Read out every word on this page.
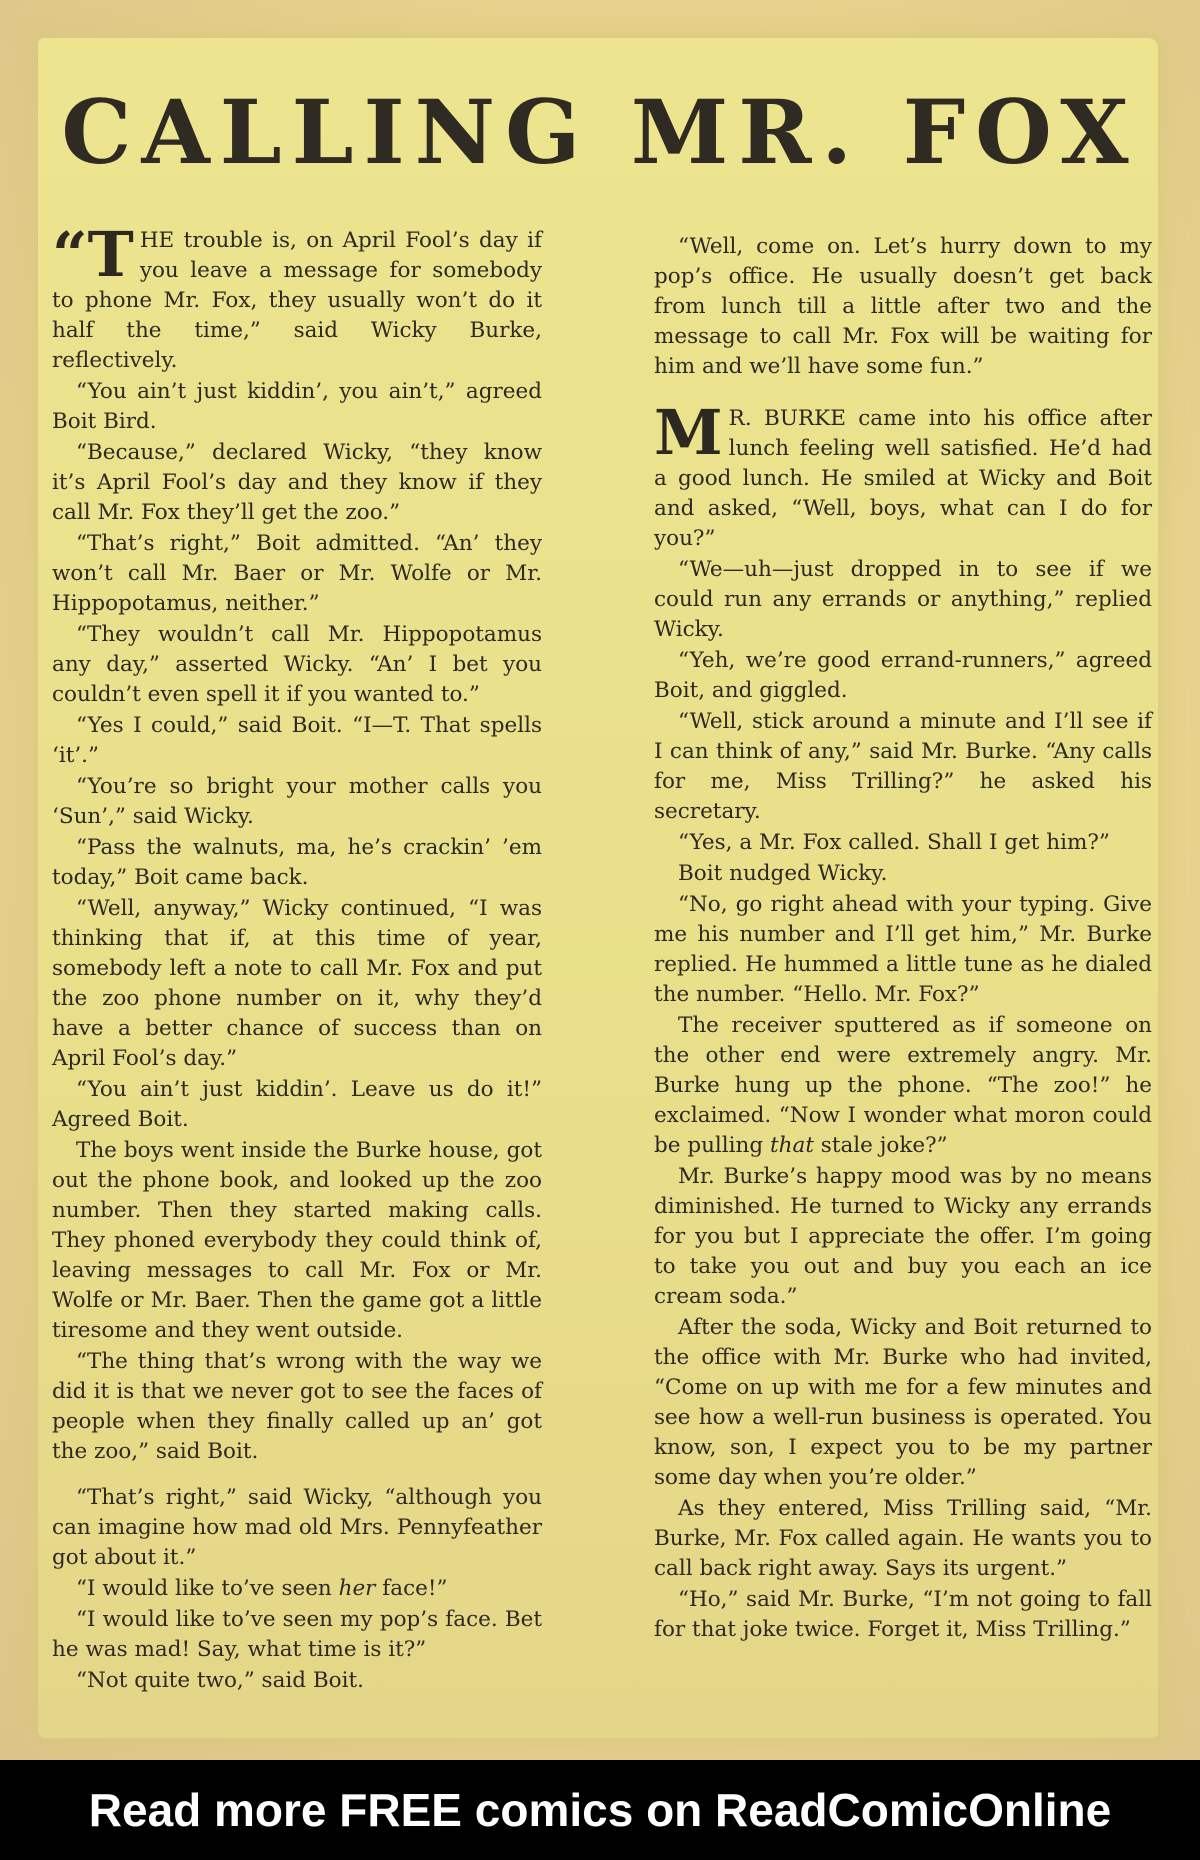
CALLING MR. FOX

“T HE trouble is, on April Fool’s day if you leave a message for somebody to phone Mr. Fox, they usually won’t do it half the time,” said Wicky Burke, reflectively.

“You ain’t just kiddin’, you ain’t,” agreed Boit Bird.

“Because,” declared Wicky, “they know it’s April Fool’s day and they know if they call Mr. Fox they’ll get the zoo.”

“That’s right,” Boit admitted. “An’ they won’t call Mr. Baer or Mr. Wolfe or Mr. Hippopotamus, neither.”

“They wouldn’t call Mr. Hippopotamus any day,” asserted Wicky. “An’ I bet you couldn’t even spell it if you wanted to.”

“Yes I could,” said Boit. “I—T. That spells ‘it’.”

“You’re so bright your mother calls you ‘Sun’,” said Wicky.

“Pass the walnuts, ma, he’s crackin’ ’em today,” Boit came back.

“Well, anyway,” Wicky continued, “I was thinking that if, at this time of year, somebody left a note to call Mr. Fox and put the zoo phone number on it, why they’d have a better chance of success than on April Fool’s day.”

“You ain’t just kiddin’. Leave us do it!” Agreed Boit.

The boys went inside the Burke house, got out the phone book, and looked up the zoo number. Then they started making calls. They phoned everybody they could think of, leaving messages to call Mr. Fox or Mr. Wolfe or Mr. Baer. Then the game got a little tiresome and they went outside.

“The thing that’s wrong with the way we did it is that we never got to see the faces of people when they finally called up an’ got the zoo,” said Boit.

“That’s right,” said Wicky, “although you can imagine how mad old Mrs. Pennyfeather got about it.”

“I would like to’ve seen her face!”

“I would like to’ve seen my pop’s face. Bet he was mad! Say, what time is it?”

“Not quite two,” said Boit.

“Well, come on. Let’s hurry down to my pop’s office. He usually doesn’t get back from lunch till a little after two and the message to call Mr. Fox will be waiting for him and we’ll have some fun.”

M R. BURKE came into his office after lunch feeling well satisfied. He’d had a good lunch. He smiled at Wicky and Boit and asked, “Well, boys, what can I do for you?”

“We—uh—just dropped in to see if we could run any errands or anything,” replied Wicky.

“Yeh, we’re good errand-runners,” agreed Boit, and giggled.

“Well, stick around a minute and I’ll see if I can think of any,” said Mr. Burke. “Any calls for me, Miss Trilling?” he asked his secretary.

“Yes, a Mr. Fox called. Shall I get him?”

Boit nudged Wicky.

“No, go right ahead with your typing. Give me his number and I’ll get him,” Mr. Burke replied. He hummed a little tune as he dialed the number. “Hello. Mr. Fox?”

The receiver sputtered as if someone on the other end were extremely angry. Mr. Burke hung up the phone. “The zoo!” he exclaimed. “Now I wonder what moron could be pulling that stale joke?”

Mr. Burke’s happy mood was by no means diminished. He turned to Wicky any errands for you but I appreciate the offer. I’m going to take you out and buy you each an ice cream soda.”

After the soda, Wicky and Boit returned to the office with Mr. Burke who had invited, “Come on up with me for a few minutes and see how a well-run business is operated. You know, son, I expect you to be my partner some day when you’re older.”

As they entered, Miss Trilling said, “Mr. Burke, Mr. Fox called again. He wants you to call back right away. Says its urgent.”

“Ho,” said Mr. Burke, “I’m not going to fall for that joke twice. Forget it, Miss Trilling.”

Read more FREE comics on ReadComicOnline
